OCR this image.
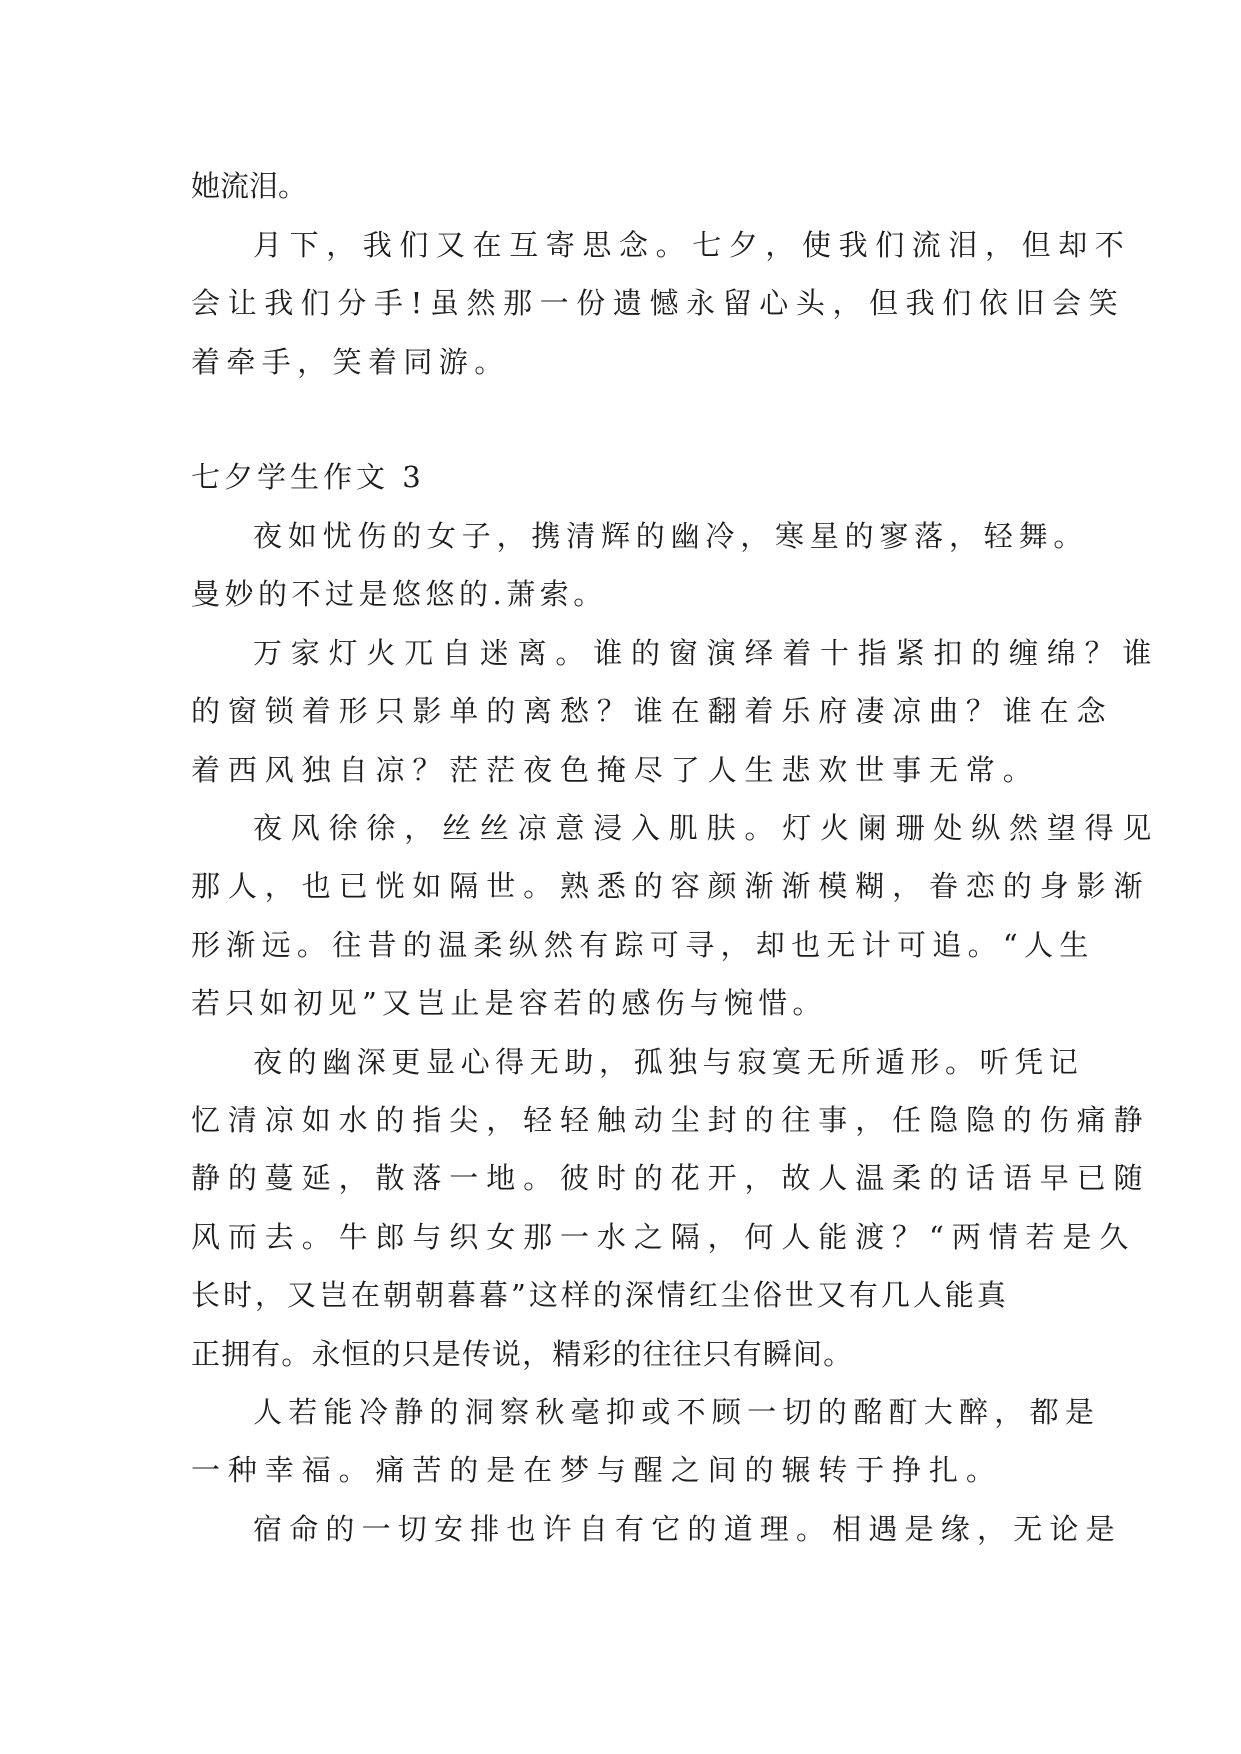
她流泪。

月下，我们又在互寄思念。七夕，使我们流泪，但却不

会让我们分手!虽然那一份遗憾永留心头，但我们依旧会笑

着牵手，笑着同游。

七夕学生作文 3

夜如忧伤的女子，携清辉的幽冷，寒星的寥落，轻舞。

曼妙的不过是悠悠的.萧索。

万家灯火兀自迷离。谁的窗演绎着十指紧扣的缠绵？谁

的窗锁着形只影单的离愁？谁在翻着乐府凄凉曲？谁在念

着西风独自凉？茫茫夜色掩尽了人生悲欢世事无常。

夜风徐徐，丝丝凉意浸入肌肤。灯火阑珊处纵然望得见

那人，也已恍如隔世。熟悉的容颜渐渐模糊，眷恋的身影渐

形渐远。往昔的温柔纵然有踪可寻，却也无计可追。“人生

若只如初见”又岂止是容若的感伤与惋惜。

夜的幽深更显心得无助，孤独与寂寞无所遁形。听凭记

忆清凉如水的指尖，轻轻触动尘封的往事，任隐隐的伤痛静

静的蔓延，散落一地。彼时的花开，故人温柔的话语早已随

风而去。牛郎与织女那一水之隔，何人能渡？“两情若是久

长时，又岂在朝朝暮暮”这样的深情红尘俗世又有几人能真

正拥有。永恒的只是传说，精彩的往往只有瞬间。

人若能冷静的洞察秋毫抑或不顾一切的酩酊大醉，都是

一种幸福。痛苦的是在梦与醒之间的辗转于挣扎。

宿命的一切安排也许自有它的道理。相遇是缘，无论是
